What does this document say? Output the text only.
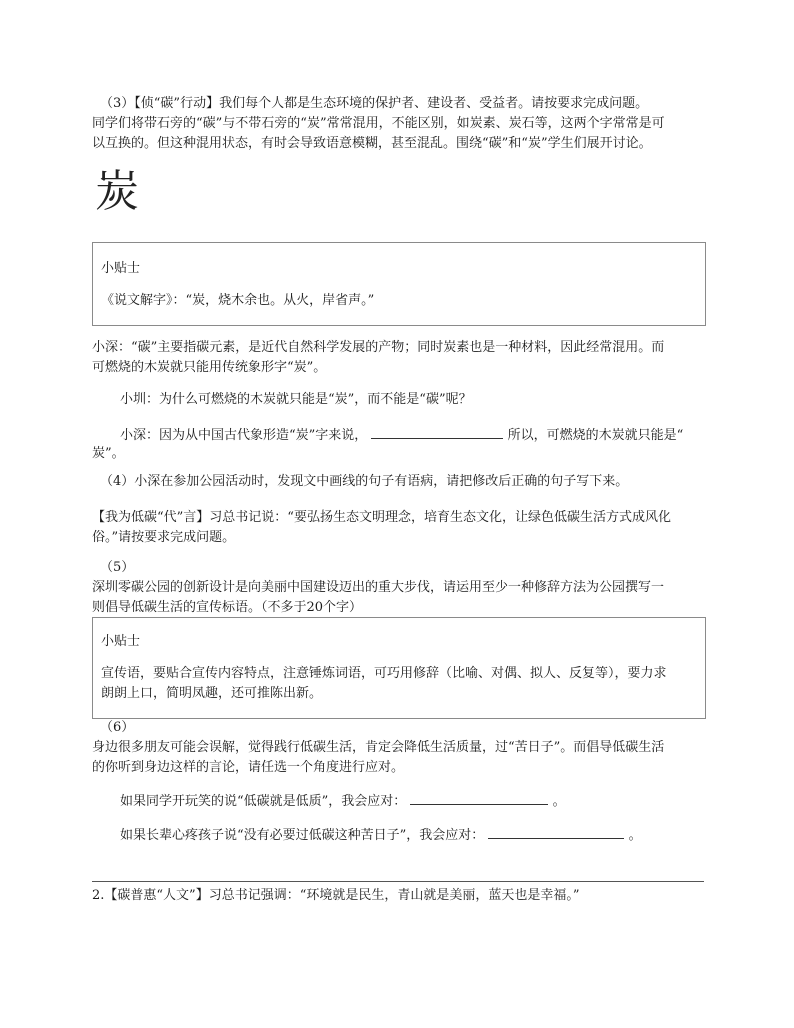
（3）【侦“碳”行动】我们每个人都是生态环境的保护者、建设者、受益者。请按要求完成问题。
同学们将带石旁的“碳”与不带石旁的“炭”常常混用，不能区别，如炭素、炭石等，这两个字常常是可
以互换的。但这种混用状态，有时会导致语意模糊，甚至混乱。围绕“碳”和“炭”学生们展开讨论。
炭
小贴士
《说文解字》：“炭，烧木余也。从火，岸省声。”
小深：“碳”主要指碳元素，是近代自然科学发展的产物；同时炭素也是一种材料，因此经常混用。而
可燃烧的木炭就只能用传统象形字“炭”。
小圳：为什么可燃烧的木炭就只能是“炭”，而不能是“碳”呢？
小深：因为从中国古代象形造“炭”字来说，	所以，可燃烧的木炭就只能是“
炭”。
（4）小深在参加公园活动时，发现文中画线的句子有语病，请把修改后正确的句子写下来。
【我为低碳“代”言】习总书记说：“要弘扬生态文明理念，培育生态文化，让绿色低碳生活方式成风化
俗。”请按要求完成问题。
（5）
深圳零碳公园的创新设计是向美丽中国建设迈出的重大步伐，请运用至少一种修辞方法为公园撰写一
则倡导低碳生活的宣传标语。（不多于20个字）
小贴士
宣传语，要贴合宣传内容特点，注意锤炼词语，可巧用修辞（比喻、对偶、拟人、反复等），要力求
朗朗上口，简明凤趣，还可推陈出新。
（6）
身边很多朋友可能会误解，觉得践行低碳生活，肯定会降低生活质量，过“苦日子”。而倡导低碳生活
的你听到身边这样的言论，请任选一个角度进行应对。
如果同学开玩笑的说“低碳就是低质”，我会应对：	。
如果长辈心疼孩子说“没有必要过低碳这种苦日子”，我会应对：	。
2.【碳普惠“人文”】习总书记强调：“环境就是民生，青山就是美丽，蓝天也是幸福。”
